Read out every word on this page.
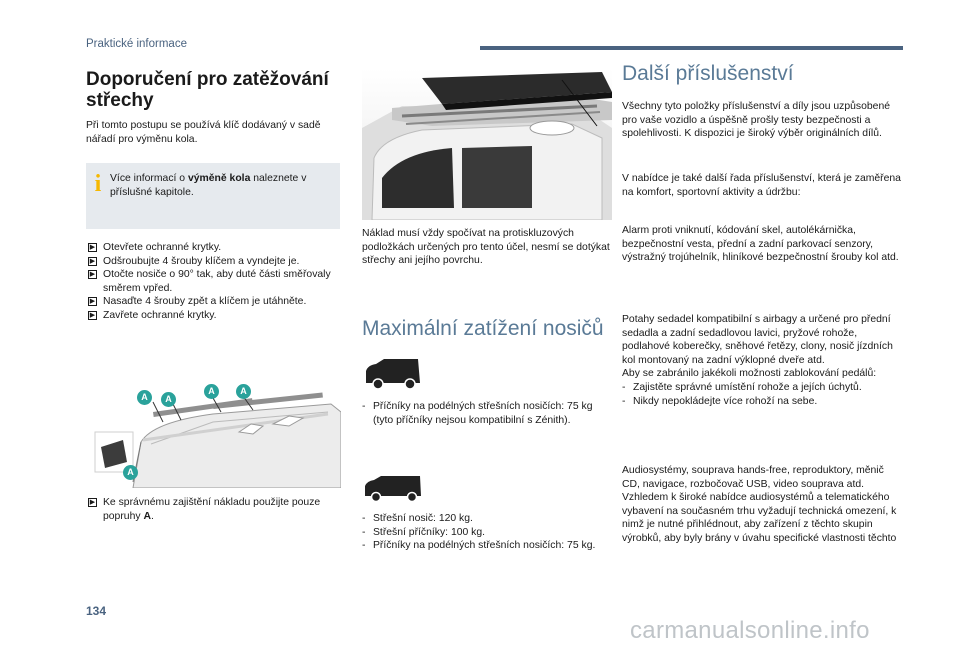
Praktické informace
Doporučení pro zatěžování střechy
Při tomto postupu se používá klíč dodávaný v sadě nářadí pro výměnu kola.
i Více informací o výměně kola naleznete v příslušné kapitole.
▶ Otevřete ochranné krytky.
▶ Odšroubujte 4 šrouby klíčem a vyndejte je.
▶ Otočte nosiče o 90° tak, aby duté části směřovaly směrem vpřed.
▶ Nasaďte 4 šrouby zpět a klíčem je utáhněte.
▶ Zavřete ochranné krytky.
A	A
A	A
A
▶ Ke správnému zajištění nákladu použijte pouze popruhy A.
Náklad musí vždy spočívat na protiskluzových podložkách určených pro tento účel, nesmí se dotýkat střechy ani jejího povrchu.
Maximální zatížení nosičů
- Příčníky na podélných střešních nosičích: 75 kg (tyto příčníky nejsou kompatibilní s Zénith).
- Střešní nosič: 120 kg.
- Střešní příčníky: 100 kg.
- Příčníky na podélných střešních nosičích: 75 kg.
Další příslušenství
Všechny tyto položky příslušenství a díly jsou uzpůsobené pro vaše vozidlo a úspěšně prošly testy bezpečnosti a spolehlivosti. K dispozici je široký výběr originálních dílů.
V nabídce je také další řada příslušenství, která je zaměřena na komfort, sportovní aktivity a údržbu:
Alarm proti vniknutí, kódování skel, autolékárnička, bezpečnostní vesta, přední a zadní parkovací senzory, výstražný trojúhelník, hliníkové bezpečnostní šrouby kol atd.
Potahy sedadel kompatibilní s airbagy a určené pro přední sedadla a zadní sedadlovou lavici, pryžové rohože, podlahové koberečky, sněhové řetězy, clony, nosič jízdních kol montovaný na zadní výklopné dveře atd.
Aby se zabránilo jakékoli možnosti zablokování pedálů:
- Zajistěte správné umístění rohože a jejích úchytů.
- Nikdy nepokládejte více rohoží na sebe.
Audiosystémy, souprava hands-free, reproduktory, měnič CD, navigace, rozbočovač USB, video souprava atd.
Vzhledem k široké nabídce audiosystémů a telematického vybavení na současném trhu vyžadují technická omezení, k nimž je nutné přihlédnout, aby zařízení z těchto skupin výrobků, aby byly brány v úvahu specifické vlastnosti těchto
134
carmanualsonline.info
